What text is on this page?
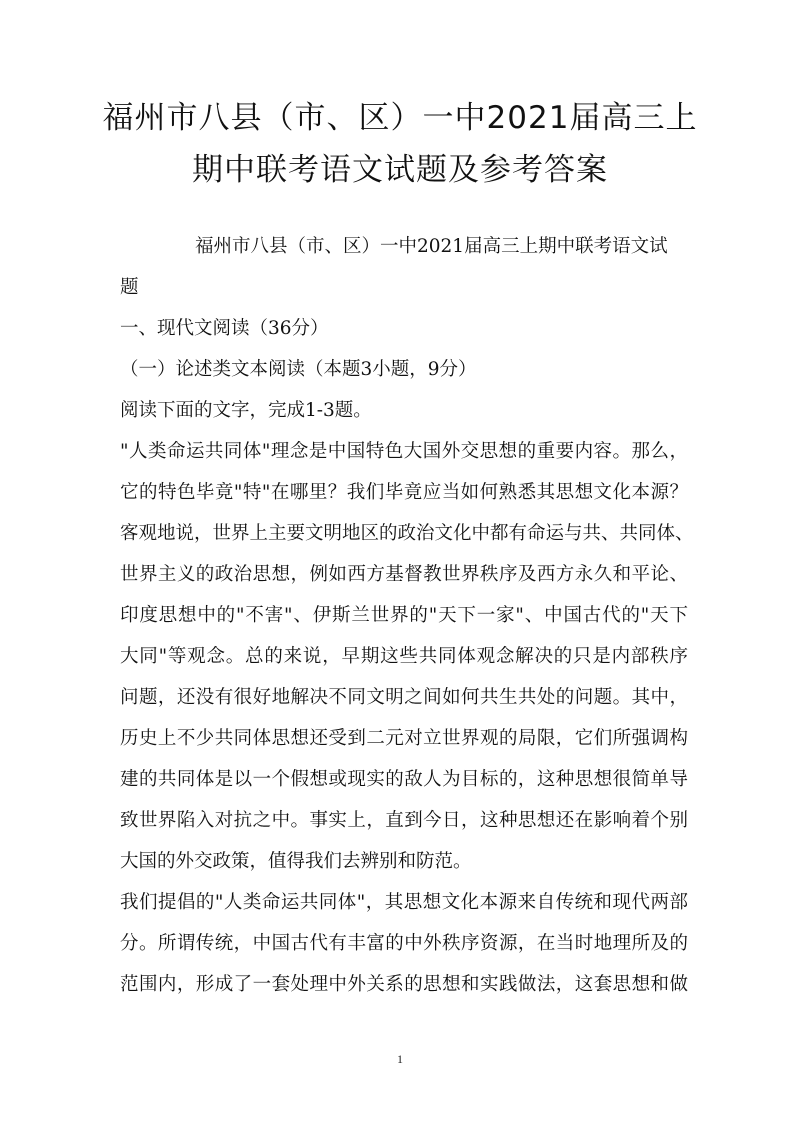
福州市八县（市、区）一中2021届高三上
期中联考语文试题及参考答案

福州市八县（市、区）一中2021届高三上期中联考语文试
题

一、现代文阅读（36分）

（一）论述类文本阅读（本题3小题，9分）

阅读下面的文字，完成1-3题。

"人类命运共同体"理念是中国特色大国外交思想的重要内容。那么，
它的特色毕竟"特"在哪里？我们毕竟应当如何熟悉其思想文化本源？
客观地说，世界上主要文明地区的政治文化中都有命运与共、共同体、
世界主义的政治思想，例如西方基督教世界秩序及西方永久和平论、
印度思想中的"不害"、伊斯兰世界的"天下一家"、中国古代的"天下
大同"等观念。总的来说，早期这些共同体观念解决的只是内部秩序
问题，还没有很好地解决不同文明之间如何共生共处的问题。其中，
历史上不少共同体思想还受到二元对立世界观的局限，它们所强调构
建的共同体是以一个假想或现实的敌人为目标的，这种思想很简单导
致世界陷入对抗之中。事实上，直到今日，这种思想还在影响着个别
大国的外交政策，值得我们去辨别和防范。

我们提倡的"人类命运共同体"，其思想文化本源来自传统和现代两部
分。所谓传统，中国古代有丰富的中外秩序资源，在当时地理所及的
范围内，形成了一套处理中外关系的思想和实践做法，这套思想和做

1
